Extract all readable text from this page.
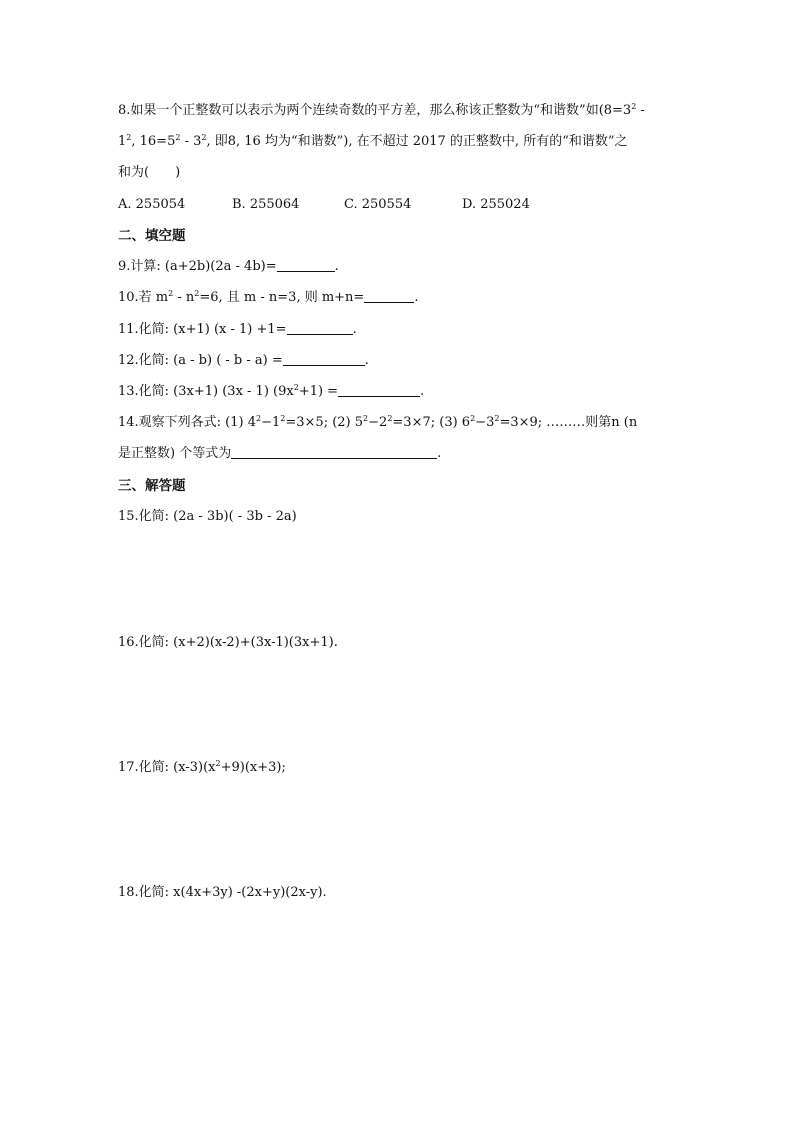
8.如果一个正整数可以表示为两个连续奇数的平方差，那么称该正整数为“和谐数”如($8=3^2$ -
$1^2$, $16=5^2 - 3^2$, 即8, 16 均为“和谐数”), 在不超过 2017 的正整数中, 所有的“和谐数”之
和为(　　)
A. 255054	B. 255064	C. 250554	D. 255024
二、填空题
9.计算: (a+2b)(2a - 4b)=	.
10.若 $m^2 - n^2=6$, 且 m - n=3, 则 m+n=	.
11.化简: (x+1) (x - 1) +1=	.
12.化简: (a - b) ( - b - a) =	.
13.化简: (3x+1) (3x - 1) $(9x^2+1)$ =	.
14.观察下列各式: (1) $4^2-1^2=3\times 5$; (2) $5^2-2^2=3\times 7$; (3) $6^2-3^2=3\times 9$; ………则第n (n
是正整数) 个等式为	.
三、解答题
15.化简: (2a - 3b)( - 3b - 2a)
16.化简: (x+2)(x-2)+(3x-1)(3x+1).
17.化简: $(x-3)(x^2+9)(x+3)$;
18.化简: x(4x+3y) -(2x+y)(2x-y).
